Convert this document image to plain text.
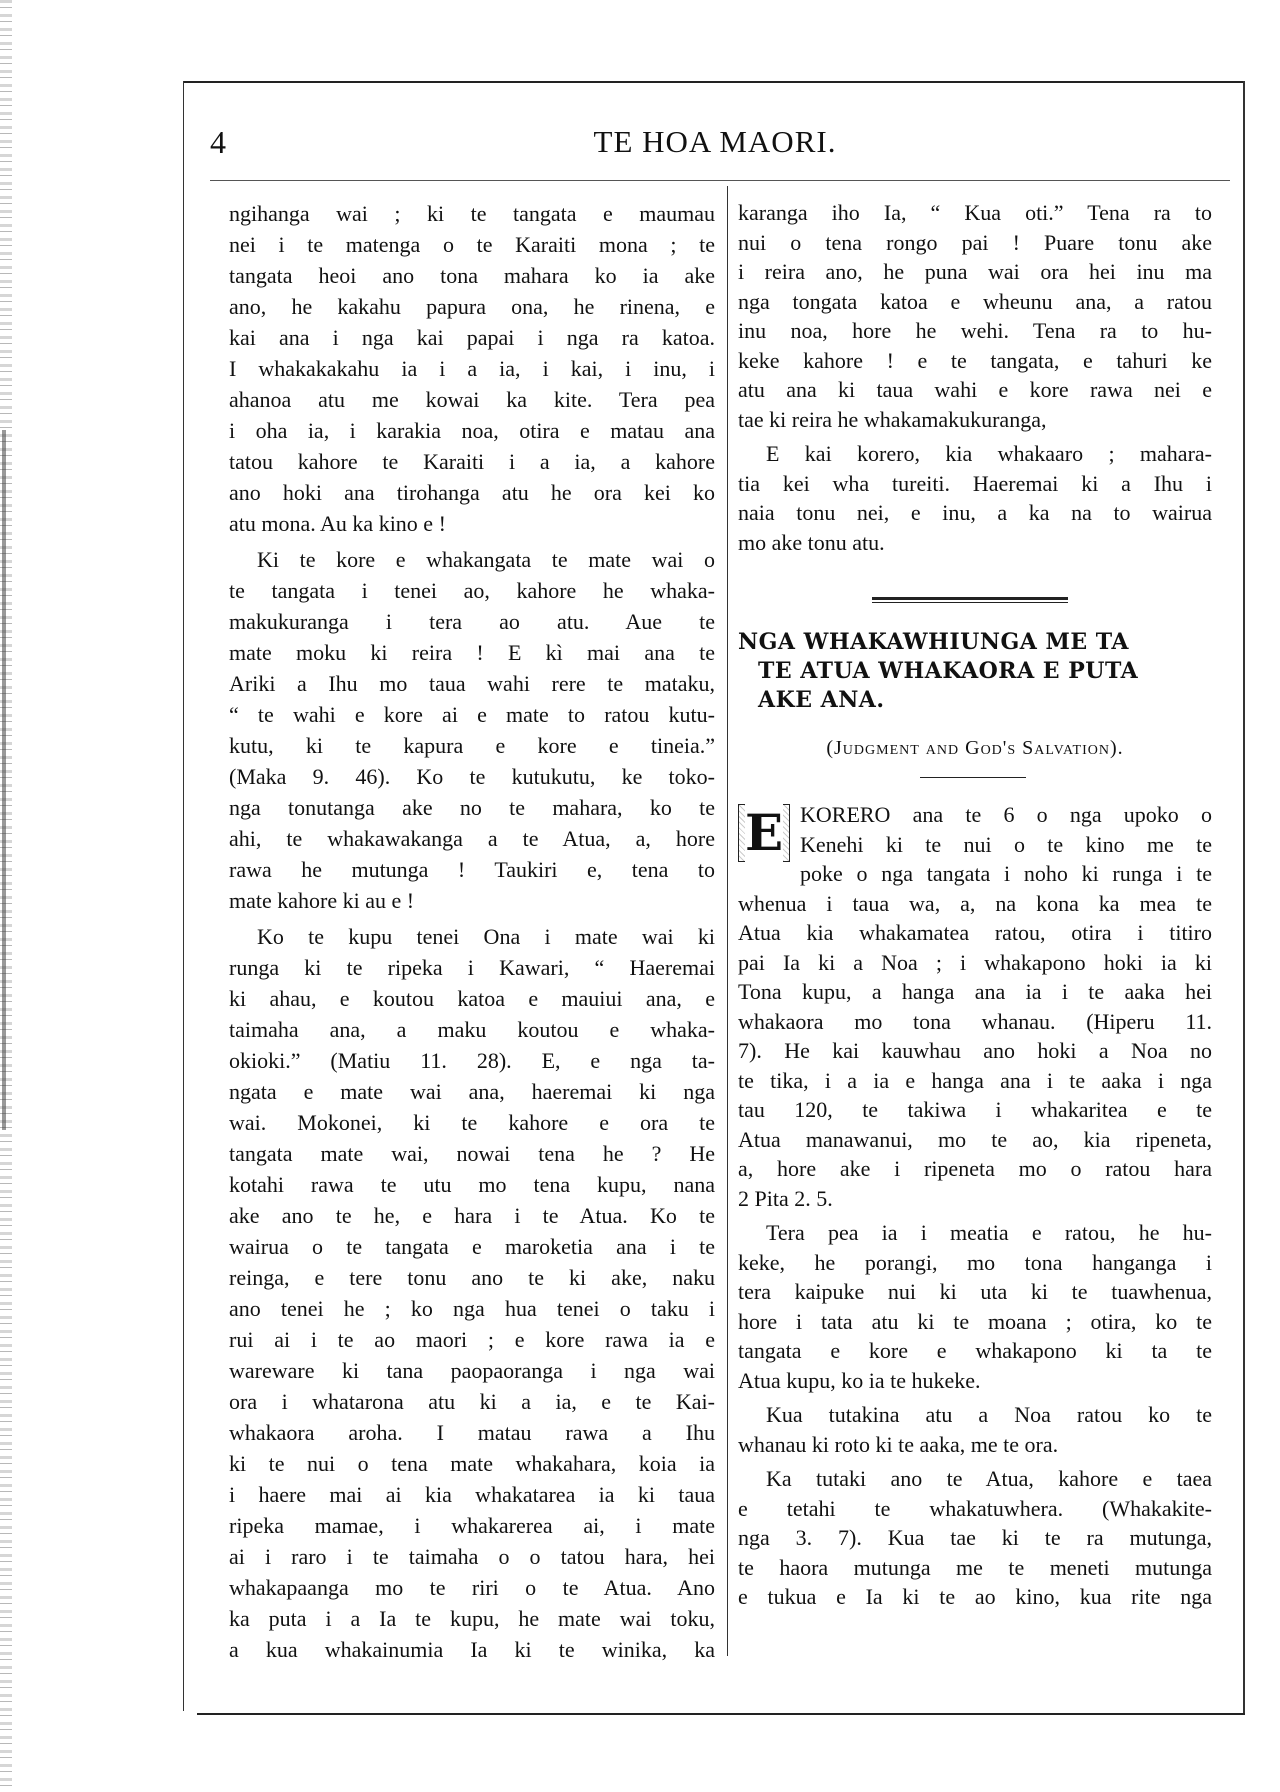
4	TE HOA MAORI.
ngihanga wai ; ki te tangata e maumau
nei i te matenga o te Karaiti mona ; te
tangata heoi ano tona mahara ko ia ake
ano, he kakahu papura ona, he rinena, e
kai ana i nga kai papai i nga ra katoa.
I whakakakahu ia i a ia, i kai, i inu, i
ahanoa atu me kowai ka kite. Tera pea
i oha ia, i karakia noa, otira e matau ana
tatou kahore te Karaiti i a ia, a kahore
ano hoki ana tirohanga atu he ora kei ko
atu mona. Au ka kino e !
Ki te kore e whakangata te mate wai o
te tangata i tenei ao, kahore he whaka-
makukuranga i tera ao atu. Aue te
mate moku ki reira ! E kì mai ana te
Ariki a Ihu mo taua wahi rere te mataku,
“ te wahi e kore ai e mate to ratou kutu-
kutu, ki te kapura e kore e tineia.”
(Maka 9. 46). Ko te kutukutu, ke toko-
nga tonutanga ake no te mahara, ko te
ahi, te whakawakanga a te Atua, a, hore
rawa he mutunga ! Taukiri e, tena to
mate kahore ki au e !
Ko te kupu tenei Ona i mate wai ki
runga ki te ripeka i Kawari, “ Haeremai
ki ahau, e koutou katoa e mauiui ana, e
taimaha ana, a maku koutou e whaka-
okioki.” (Matiu 11. 28). E, e nga ta-
ngata e mate wai ana, haeremai ki nga
wai. Mokonei, ki te kahore e ora te
tangata mate wai, nowai tena he ? He
kotahi rawa te utu mo tena kupu, nana
ake ano te he, e hara i te Atua. Ko te
wairua o te tangata e maroketia ana i te
reinga, e tere tonu ano te ki ake, naku
ano tenei he ; ko nga hua tenei o taku i
rui ai i te ao maori ; e kore rawa ia e
wareware ki tana paopaoranga i nga wai
ora i whatarona atu ki a ia, e te Kai-
whakaora aroha. I matau rawa a Ihu
ki te nui o tena mate whakahara, koia ia
i haere mai ai kia whakatarea ia ki taua
ripeka mamae, i whakarerea ai, i mate
ai i raro i te taimaha o o tatou hara, hei
whakapaanga mo te riri o te Atua. Ano
ka puta i a Ia te kupu, he mate wai toku,
a kua whakainumia Ia ki te winika, ka
karanga iho Ia, “ Kua oti.” Tena ra to
nui o tena rongo pai ! Puare tonu ake
i reira ano, he puna wai ora hei inu ma
nga tongata katoa e wheunu ana, a ratou
inu noa, hore he wehi. Tena ra to hu-
keke kahore ! e te tangata, e tahuri ke
atu ana ki taua wahi e kore rawa nei e
tae ki reira he whakamakukuranga,
E kai korero, kia whakaaro ; mahara-
tia kei wha tureiti. Haeremai ki a Ihu i
naia tonu nei, e inu, a ka na to wairua
mo ake tonu atu.
NGA WHAKAWHIUNGA ME TA
TE ATUA WHAKAORA E PUTA
AKE ANA.
(Judgment and God's Salvation).
E KORERO ana te 6 o nga upoko o
Kenehi ki te nui o te kino me te
poke o nga tangata i noho ki runga i te
whenua i taua wa, a, na kona ka mea te
Atua kia whakamatea ratou, otira i titiro
pai Ia ki a Noa ; i whakapono hoki ia ki
Tona kupu, a hanga ana ia i te aaka hei
whakaora mo tona whanau. (Hiperu 11.
7). He kai kauwhau ano hoki a Noa no
te tika, i a ia e hanga ana i te aaka i nga
tau 120, te takiwa i whakaritea e te
Atua manawanui, mo te ao, kia ripeneta,
a, hore ake i ripeneta mo o ratou hara
2 Pita 2. 5.
Tera pea ia i meatia e ratou, he hu-
keke, he porangi, mo tona hanganga i
tera kaipuke nui ki uta ki te tuawhenua,
hore i tata atu ki te moana ; otira, ko te
tangata e kore e whakapono ki ta te
Atua kupu, ko ia te hukeke.
Kua tutakina atu a Noa ratou ko te
whanau ki roto ki te aaka, me te ora.
Ka tutaki ano te Atua, kahore e taea
e tetahi te whakatuwhera. (Whakakite-
nga 3. 7). Kua tae ki te ra mutunga,
te haora mutunga me te meneti mutunga
e tukua e Ia ki te ao kino, kua rite nga
